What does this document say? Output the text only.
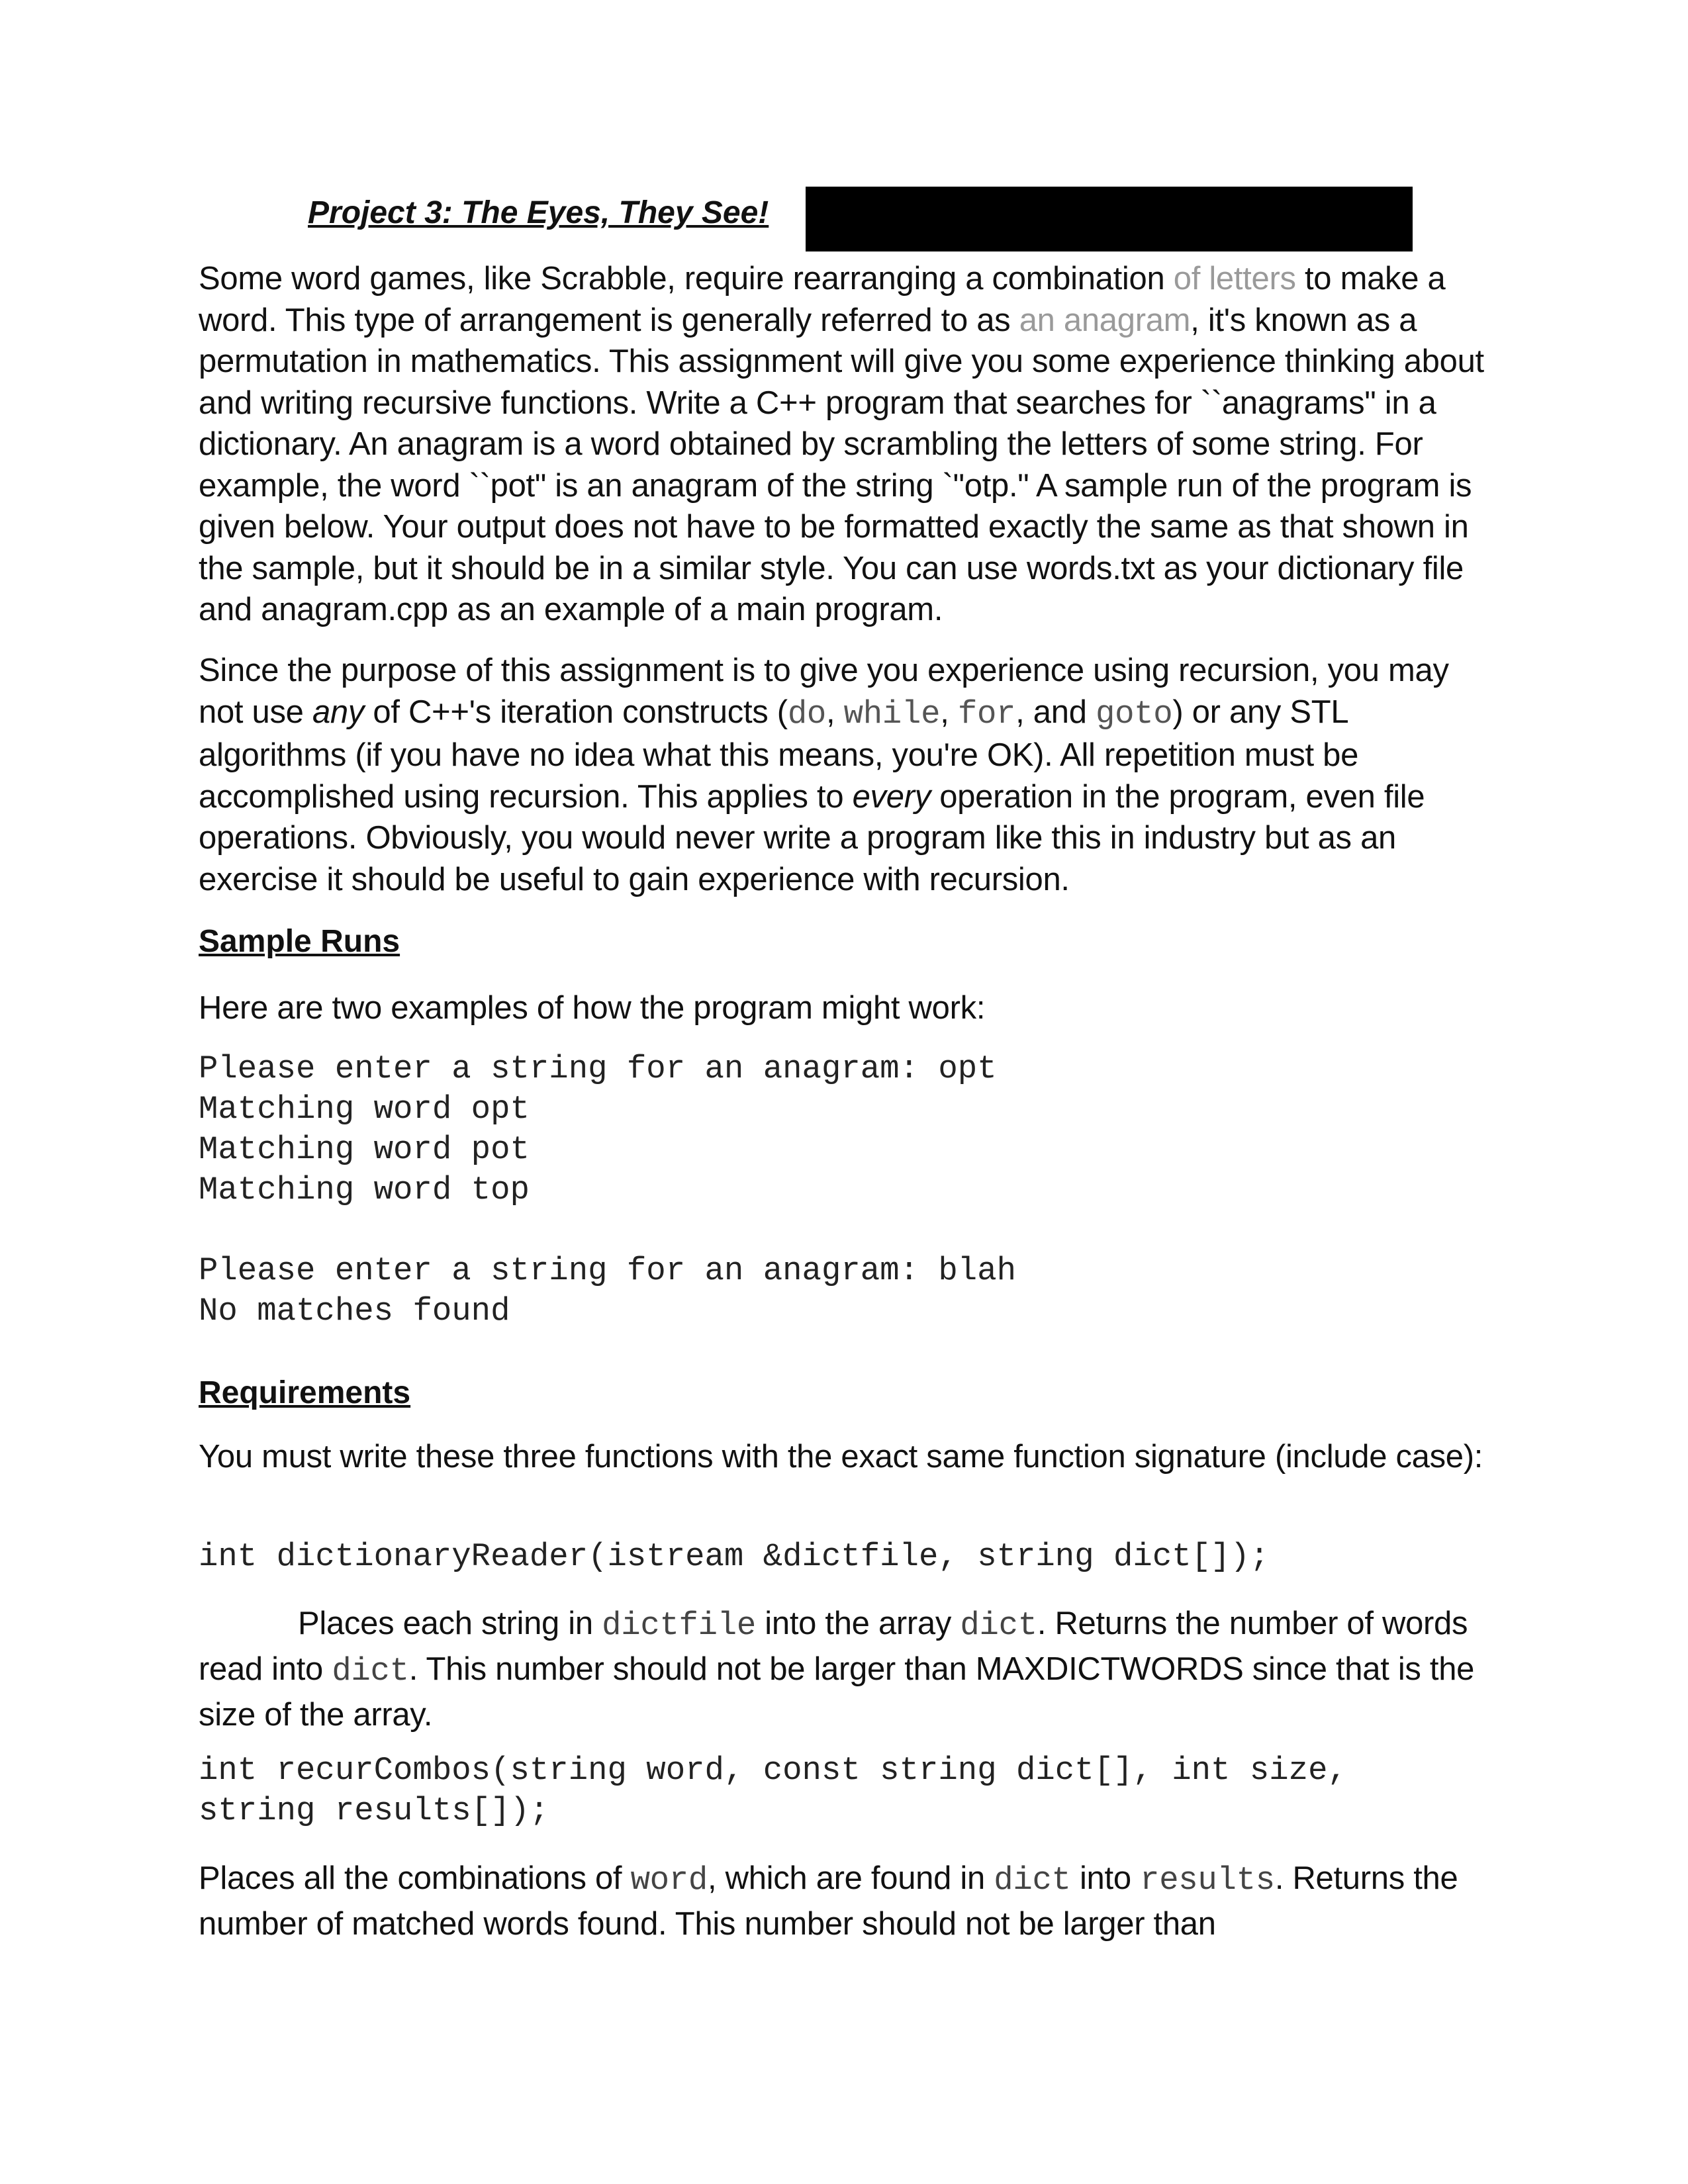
Project 3: The Eyes, They See!

Some word games, like Scrabble, require rearranging a combination of letters to make a word. This type of arrangement is generally referred to as an anagram, it's known as a permutation in mathematics. This assignment will give you some experience thinking about and writing recursive functions. Write a C++ program that searches for ``anagrams" in a dictionary. An anagram is a word obtained by scrambling the letters of some string. For example, the word ``pot" is an anagram of the string `"otp." A sample run of the program is given below. Your output does not have to be formatted exactly the same as that shown in the sample, but it should be in a similar style. You can use words.txt as your dictionary file and anagram.cpp as an example of a main program.

Since the purpose of this assignment is to give you experience using recursion, you may not use any of C++'s iteration constructs (do, while, for, and goto) or any STL algorithms (if you have no idea what this means, you're OK). All repetition must be accomplished using recursion. This applies to every operation in the program, even file operations. Obviously, you would never write a program like this in industry but as an exercise it should be useful to gain experience with recursion.

Sample Runs

Here are two examples of how the program might work:

Please enter a string for an anagram: opt
Matching word opt
Matching word pot
Matching word top
Please enter a string for an anagram: blah
No matches found

Requirements

You must write these three functions with the exact same function signature (include case):

int dictionaryReader(istream &dictfile, string dict[]);

Places each string in dictfile into the array dict. Returns the number of words read into dict. This number should not be larger than MAXDICTWORDS since that is the size of the array.

int recurCombos(string word, const string dict[], int size,
string results[]);

Places all the combinations of word, which are found in dict into results. Returns the number of matched words found. This number should not be larger than
